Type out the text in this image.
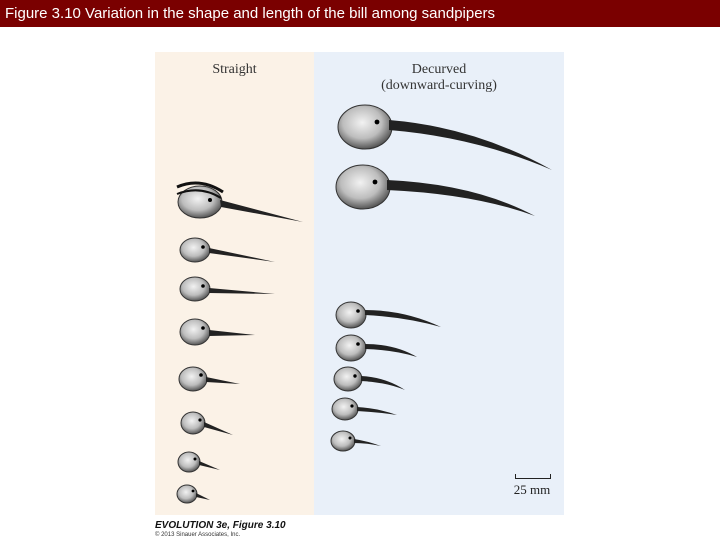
Figure 3.10 Variation in the shape and length of the bill among sandpipers
Straight	Decurved
(downward-curving)
25 mm
EVOLUTION 3e, Figure 3.10
© 2013 Sinauer Associates, Inc.
